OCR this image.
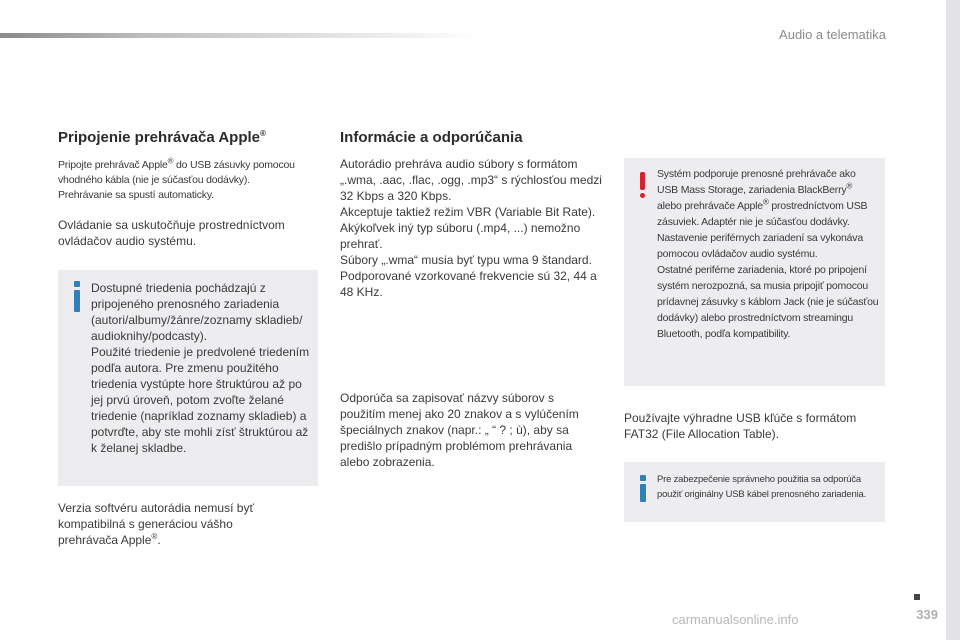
Audio a telematika

Pripojenie prehrávača Apple®

Pripojte prehrávač Apple® do USB zásuvky pomocou vhodného kábla (nie je súčasťou dodávky).

Prehrávanie sa spustí automaticky.

Ovládanie sa uskutočňuje prostredníctvom ovládačov audio systému.

Dostupné triedenia pochádzajú z pripojeného prenosného zariadenia (autori/albumy/žánre/zoznamy skladieb/ audioknihy/podcasty).

Použité triedenie je predvolené triedením podľa autora. Pre zmenu použitého triedenia vystúpte hore štruktúrou až po jej prvú úroveň, potom zvoľte želané triedenie (napríklad zoznamy skladieb) a potvrďte, aby ste mohli zísť štruktúrou až k želanej skladbe.

Verzia softvéru autorádia nemusí byť kompatibilná s generáciou vášho prehrávača Apple®.

Informácie a odporúčania

Autorádio prehráva audio súbory s formátom „.wma, .aac, .flac, .ogg, .mp3“ s rýchlosťou medzi 32 Kbps a 320 Kbps.

Akceptuje taktiež režim VBR (Variable Bit Rate).

Akýkoľvek iný typ súboru (.mp4, ...) nemožno prehrať.

Súbory „.wma“ musia byť typu wma 9 štandard.

Podporované vzorkované frekvencie sú 32, 44 a 48 KHz.

Odporúča sa zapisovať názvy súborov s použitím menej ako 20 znakov a s vylúčením špeciálnych znakov (napr.: „ “ ? ; ù), aby sa predišlo prípadným problémom prehrávania alebo zobrazenia.

Systém podporuje prenosné prehrávače ako USB Mass Storage, zariadenia BlackBerry® alebo prehrávače Apple® prostredníctvom USB zásuviek. Adaptér nie je súčasťou dodávky.

Nastavenie periférnych zariadení sa vykonáva pomocou ovládačov audio systému.

Ostatné periférne zariadenia, ktoré po pripojení systém nerozpozná, sa musia pripojiť pomocou prídavnej zásuvky s káblom Jack (nie je súčasťou dodávky) alebo prostredníctvom streamingu Bluetooth, podľa kompatibility.

Používajte výhradne USB kľúče s formátom FAT32 (File Allocation Table).

Pre zabezpečenie správneho použitia sa odporúča použiť originálny USB kábel prenosného zariadenia.

339
carmanualsonline.info
